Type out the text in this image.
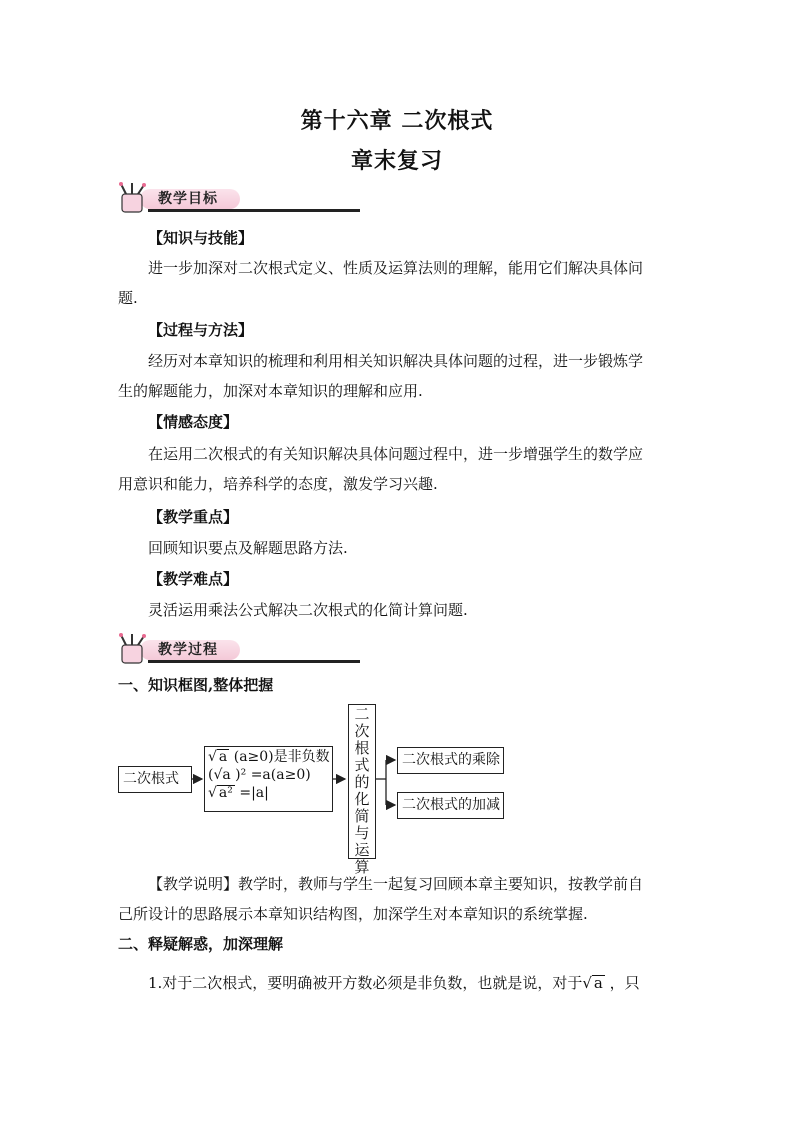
第十六章 二次根式
章末复习
教学目标
【知识与技能】
进一步加深对二次根式定义、性质及运算法则的理解，能用它们解决具体问
题.
【过程与方法】
经历对本章知识的梳理和利用相关知识解决具体问题的过程，进一步锻炼学
生的解题能力，加深对本章知识的理解和应用.
【情感态度】
在运用二次根式的有关知识解决具体问题过程中，进一步增强学生的数学应
用意识和能力，培养科学的态度，激发学习兴趣.
【教学重点】
回顾知识要点及解题思路方法.
【教学难点】
灵活运用乘法公式解决二次根式的化简计算问题.
教学过程
一、知识框图,整体把握
二次根式
√ a (a≥0)是非负数
(√a )² =a(a≥0)
√ a² =|a|
二
次
根
式
的
化
简
与
运
算
二次根式的乘除
二次根式的加减
【教学说明】教学时，教师与学生一起复习回顾本章主要知识，按教学前自
己所设计的思路展示本章知识结构图，加深学生对本章知识的系统掌握.
二、释疑解惑，加深理解
1.对于二次根式，要明确被开方数必须是非负数，也就是说，对于√ a ，只
